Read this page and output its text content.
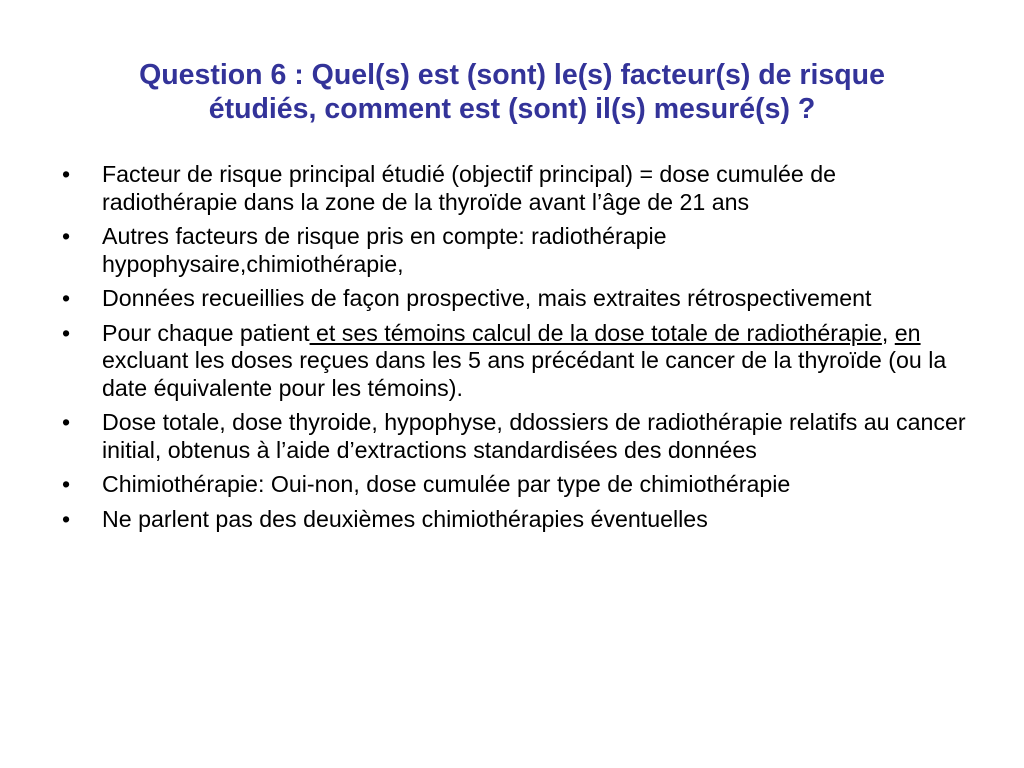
Question 6 : Quel(s) est (sont) le(s) facteur(s) de risque
étudiés, comment est (sont) il(s) mesuré(s) ?
• Facteur de risque principal étudié (objectif principal) = dose cumulée de radiothérapie dans la zone de la thyroïde avant l’âge de 21 ans
• Autres facteurs de risque pris en compte: radiothérapie hypophysaire,chimiothérapie,
• Données recueillies de façon prospective, mais extraites rétrospectivement
• Pour chaque patient et ses témoins calcul de la dose totale de radiothérapie, en excluant les doses reçues dans les 5 ans précédant le cancer de la thyroïde (ou la date équivalente pour les témoins).
• Dose totale, dose thyroide, hypophyse, ddossiers de radiothérapie relatifs au cancer initial, obtenus à l’aide d’extractions standardisées des données
• Chimiothérapie: Oui-non, dose cumulée par type de chimiothérapie
• Ne parlent pas des deuxièmes chimiothérapies éventuelles
